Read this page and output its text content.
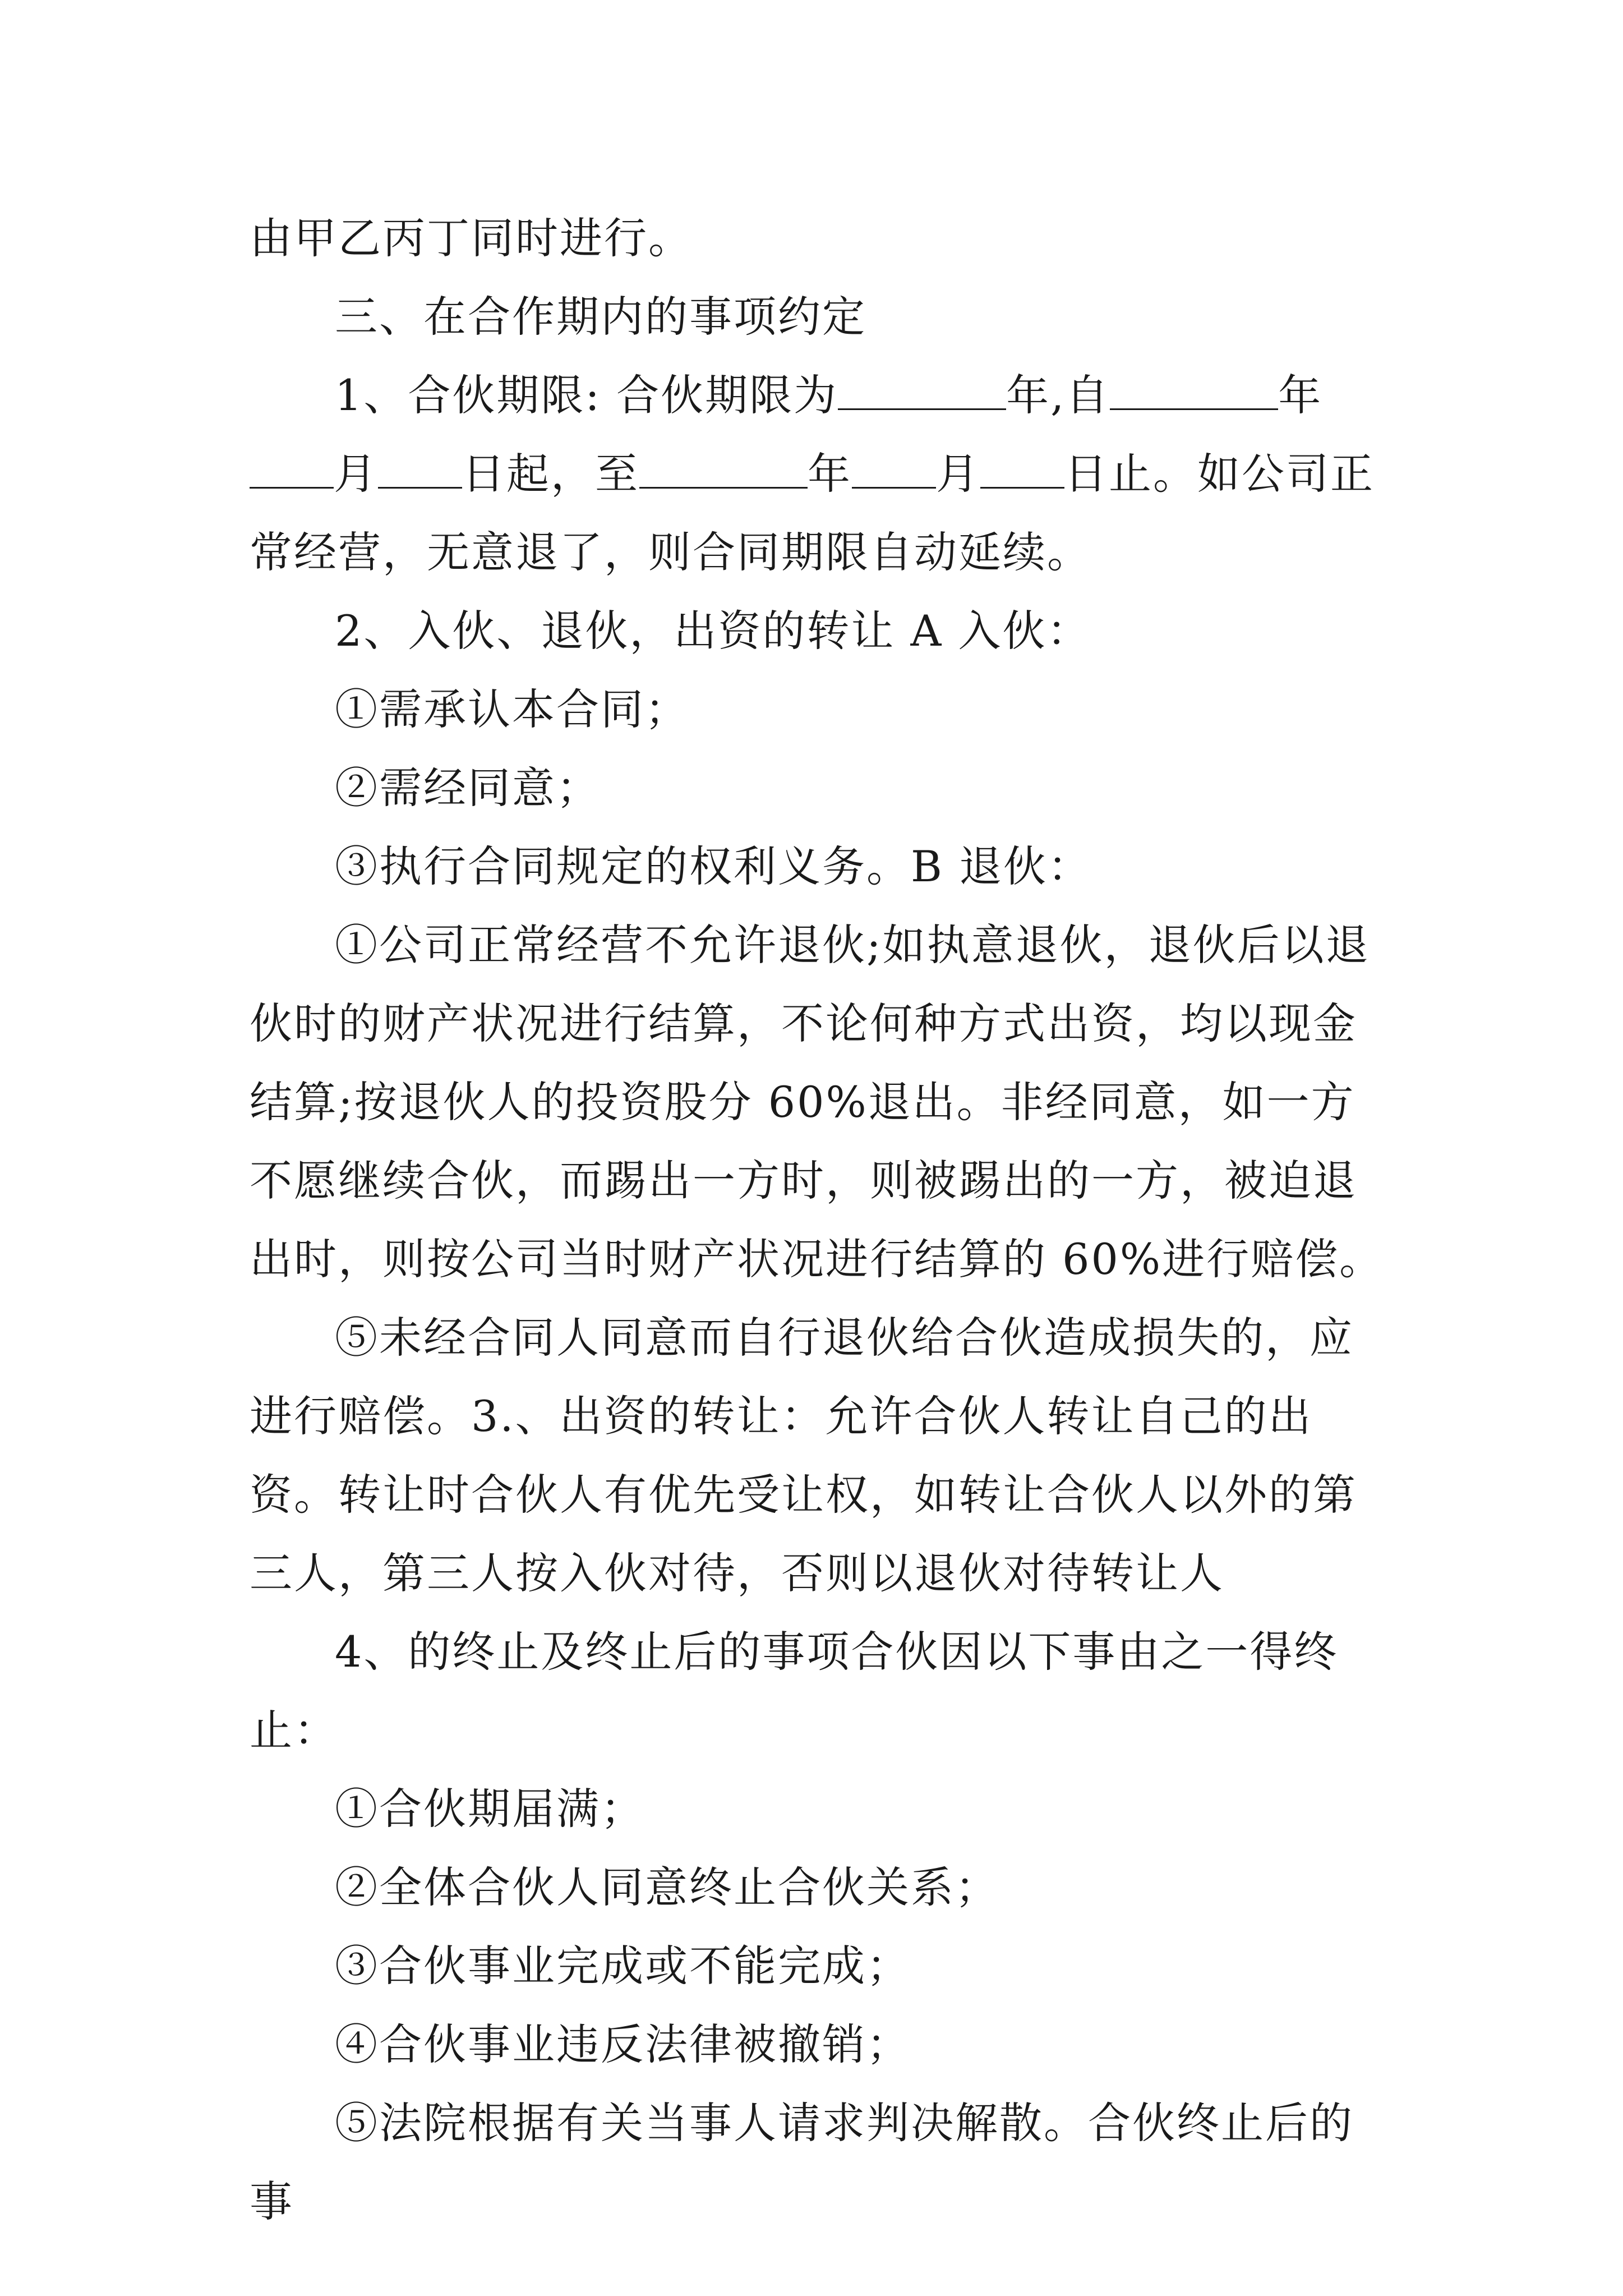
由甲乙丙丁同时进行。

三、在合作期内的事项约定

1、合伙期限: 合伙期限为	年,自	年月 日起，至	年 月 日止。如公司正常经营，无意退了，则合同期限自动延续。

2、入伙、退伙，出资的转让 A 入伙：

①需承认本合同；

②需经同意；

③执行合同规定的权利义务。B 退伙：

①公司正常经营不允许退伙;如执意退伙，退伙后以退伙时的财产状况进行结算，不论何种方式出资，均以现金结算;按退伙人的投资股分 60%退出。非经同意，如一方不愿继续合伙，而踢出一方时，则被踢出的一方，被迫退出时，则按公司当时财产状况进行结算的 60%进行赔偿。

⑤未经合同人同意而自行退伙给合伙造成损失的，应进行赔偿。3.、出资的转让：允许合伙人转让自己的出资。转让时合伙人有优先受让权，如转让合伙人以外的第三人，第三人按入伙对待，否则以退伙对待转让人

4、的终止及终止后的事项合伙因以下事由之一得终止：

①合伙期届满；

②全体合伙人同意终止合伙关系；

③合伙事业完成或不能完成；

④合伙事业违反法律被撤销；

⑤法院根据有关当事人请求判决解散。合伙终止后的事
